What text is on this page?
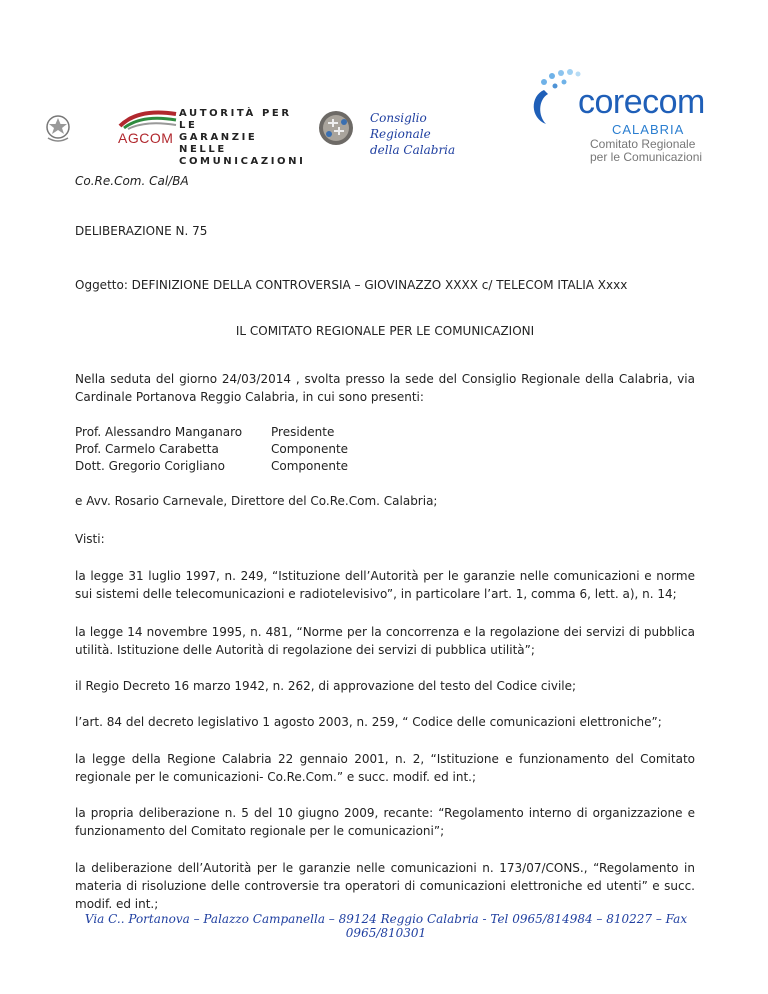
AGCOM
AUTORITÀ PER LE
GARANZIE NELLE
COMUNICAZIONI
Consiglio Regionale
della Calabria
corecom
CALABRIA
Comitato Regionale
per le Comunicazioni
Co.Re.Com. Cal/BA
DELIBERAZIONE N. 75
Oggetto: DEFINIZIONE DELLA CONTROVERSIA – GIOVINAZZO XXXX c/ TELECOM ITALIA Xxxx
IL COMITATO REGIONALE PER LE COMUNICAZIONI
Nella seduta del giorno 24/03/2014 , svolta presso la sede del Consiglio Regionale della Calabria, via Cardinale Portanova Reggio Calabria, in cui sono presenti:
Prof. Alessandro Manganaro	Presidente
Prof. Carmelo Carabetta	Componente
Dott. Gregorio Corigliano	Componente
e Avv. Rosario Carnevale, Direttore del Co.Re.Com. Calabria;
Visti:
la legge 31 luglio 1997, n. 249, “Istituzione dell’Autorità per le garanzie nelle comunicazioni e norme sui sistemi delle telecomunicazioni e radiotelevisivo”, in particolare l’art. 1, comma 6, lett. a), n. 14;
la legge 14 novembre 1995, n. 481, “Norme per la concorrenza e la regolazione dei servizi di pubblica utilità. Istituzione delle Autorità di regolazione dei servizi di pubblica utilità”;
il Regio Decreto 16 marzo 1942, n. 262, di approvazione del testo del Codice civile;
l’art. 84 del decreto legislativo 1 agosto 2003, n. 259, “ Codice delle comunicazioni elettroniche”;
la legge della Regione Calabria 22 gennaio 2001, n. 2, “Istituzione e funzionamento del Comitato regionale per le comunicazioni- Co.Re.Com.” e succ. modif. ed int.;
la propria deliberazione n. 5 del 10 giugno 2009, recante: “Regolamento interno di organizzazione e funzionamento del Comitato regionale per le comunicazioni”;
la deliberazione dell’Autorità per le garanzie nelle comunicazioni n. 173/07/CONS., “Regolamento in materia di risoluzione delle controversie tra operatori di comunicazioni elettroniche ed utenti” e succ. modif. ed int.;
Via C.. Portanova – Palazzo Campanella – 89124 Reggio Calabria - Tel 0965/814984 – 810227 – Fax 0965/810301
